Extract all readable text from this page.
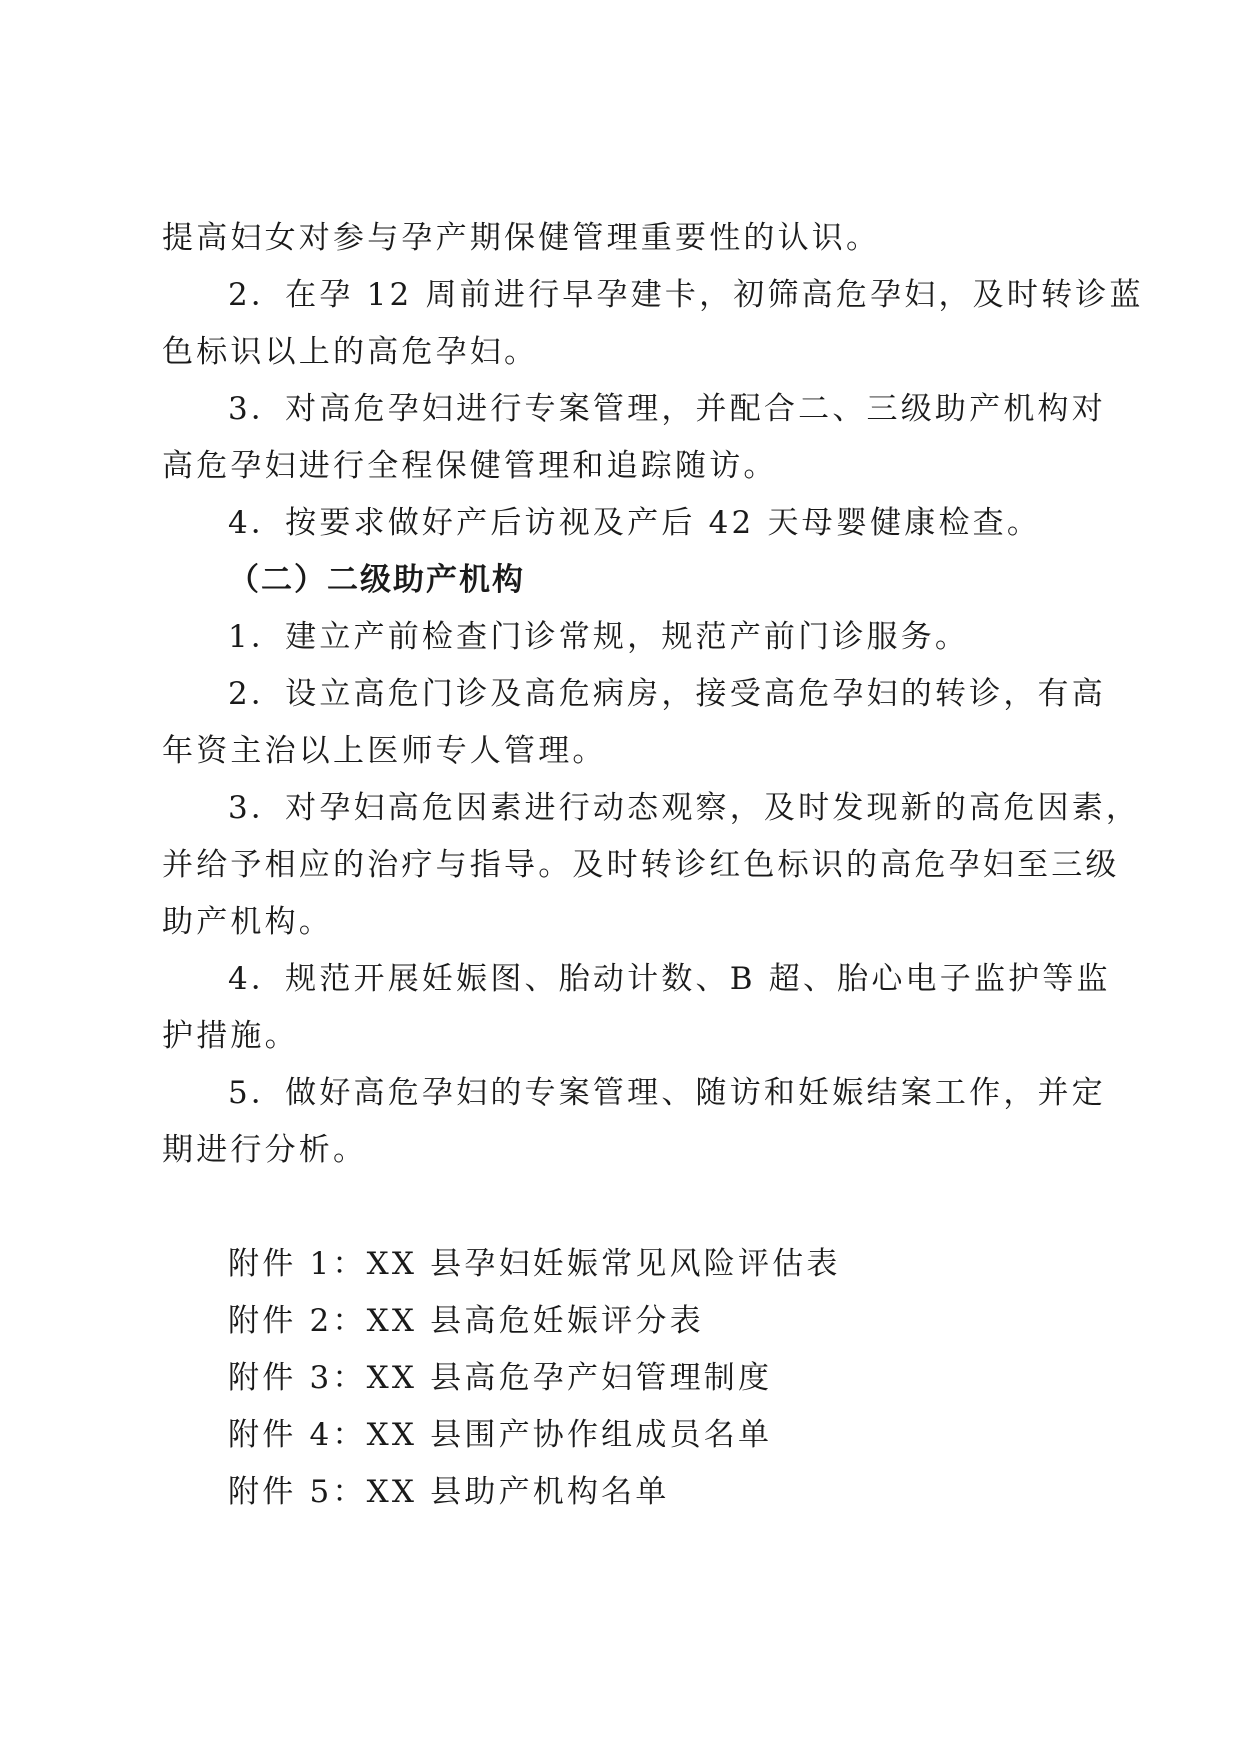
提高妇女对参与孕产期保健管理重要性的认识。
2．在孕 12 周前进行早孕建卡，初筛高危孕妇，及时转诊蓝
色标识以上的高危孕妇。
3．对高危孕妇进行专案管理，并配合二、三级助产机构对
高危孕妇进行全程保健管理和追踪随访。
4．按要求做好产后访视及产后 42 天母婴健康检查。
（二）二级助产机构
1．建立产前检查门诊常规，规范产前门诊服务。
2．设立高危门诊及高危病房，接受高危孕妇的转诊，有高
年资主治以上医师专人管理。
3．对孕妇高危因素进行动态观察，及时发现新的高危因素，
并给予相应的治疗与指导。及时转诊红色标识的高危孕妇至三级
助产机构。
4．规范开展妊娠图、胎动计数、B 超、胎心电子监护等监
护措施。
5．做好高危孕妇的专案管理、随访和妊娠结案工作，并定
期进行分析。
附件 1：XX 县孕妇妊娠常见风险评估表
附件 2：XX 县高危妊娠评分表
附件 3：XX 县高危孕产妇管理制度
附件 4：XX 县围产协作组成员名单
附件 5：XX 县助产机构名单
